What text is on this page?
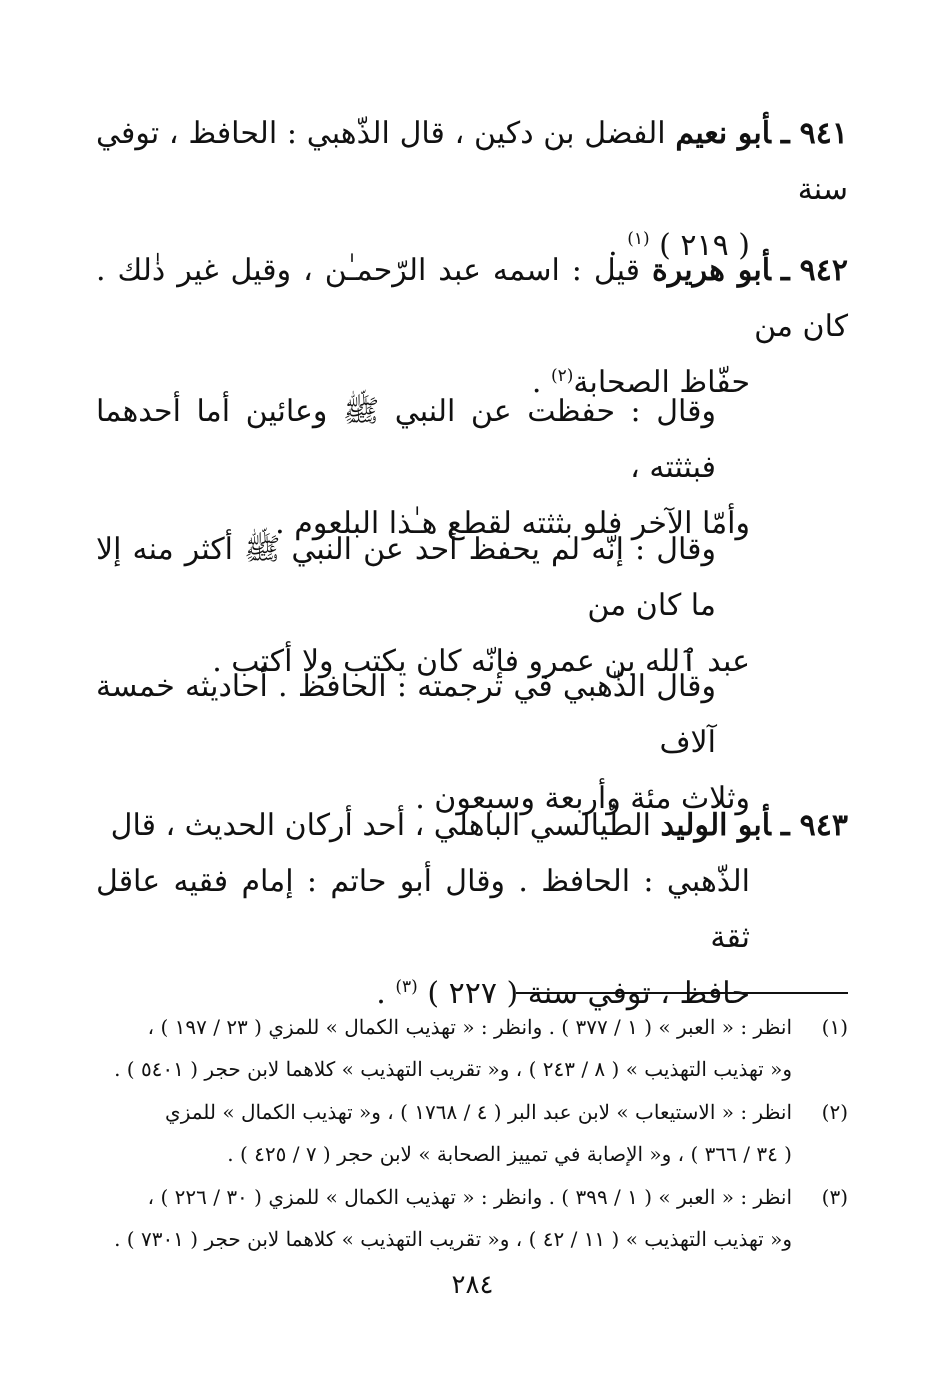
٩٤١ـأبو نعيم الفضل بن دكين ، قال الذّهبي : الحافظ ، توفي سنة
( ٢١٩ ) $^{(١)}$ .
٩٤٢ـأبو هريرة قيل : اسمه عبد الرّحمـٰن ، وقيل غير ذٰلك . كان من
حفّاظ الصحابة$^{(٢)}$ .
وقال : حفظت عن النبي ﷺ وعائين أما أحدهما فبثثته ،
وأمّا الآخر فلو بثثته لقطع هـٰذا البلعوم .
وقال : إنّه لم يحفظ أحد عن النبي ﷺ أكثر منه إلا ما كان من
عبد ٱلله بن عمرو فإنّه كان يكتب ولا أكتب .
وقال الذّهبي في ترجمته : الحافظ . أحاديثه خمسة آلاف
وثلاث مئة وأربعة وسبعون .
٩٤٣ـأبو الوليد الطّيالسي الباهلي ، أحد أركان الحديث ، قال
الذّهبي : الحافظ . وقال أبو حاتم : إمام فقيه عاقل ثقة
حافظ ، توفي سنة ( ٢٢٧ ) $^{(٣)}$ .
(١)انظر : « العبر » ( ١ / ٣٧٧ ) . وانظر : « تهذيب الكمال » للمزي ( ٢٣ / ١٩٧ ) ،
و« تهذيب التهذيب » ( ٨ / ٢٤٣ ) ، و« تقريب التهذيب » كلاهما لابن حجر ( ٥٤٠١ ) .
(٢)انظر : « الاستيعاب » لابن عبد البر ( ٤ / ١٧٦٨ ) ، و« تهذيب الكمال » للمزي
( ٣٤ / ٣٦٦ ) ، و« الإصابة في تمييز الصحابة » لابن حجر ( ٧ / ٤٢٥ ) .
(٣)انظر : « العبر » ( ١ / ٣٩٩ ) . وانظر : « تهذيب الكمال » للمزي ( ٣٠ / ٢٢٦ ) ،
و« تهذيب التهذيب » ( ١١ / ٤٢ ) ، و« تقريب التهذيب » كلاهما لابن حجر ( ٧٣٠١ ) .
٢٨٤
